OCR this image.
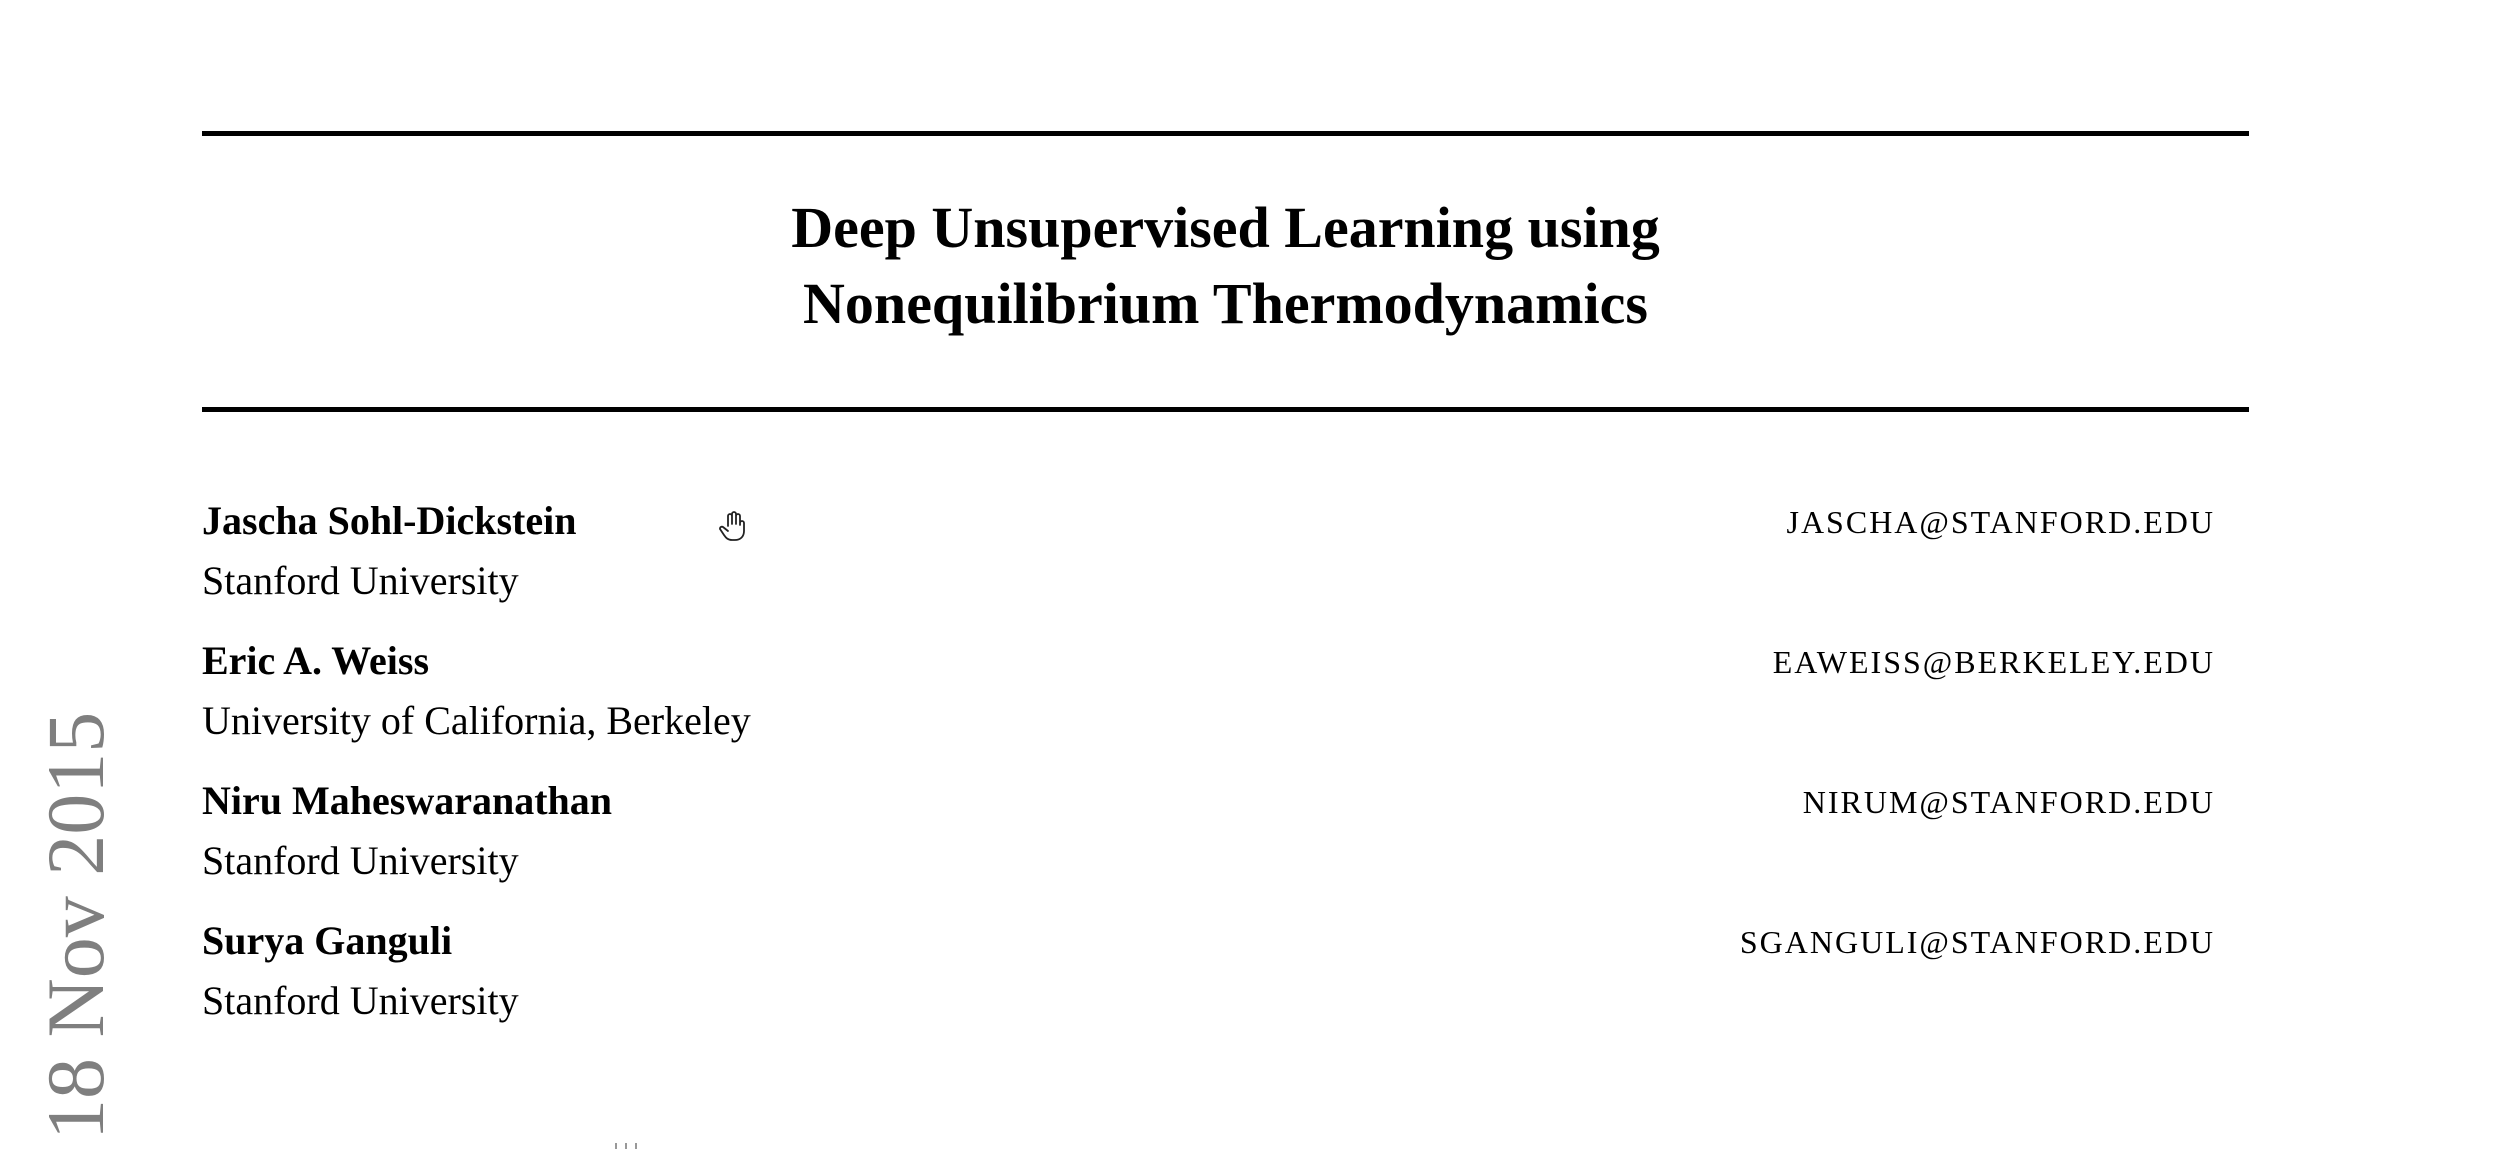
Deep Unsupervised Learning using
Nonequilibrium Thermodynamics
Jascha Sohl-Dickstein
Stanford University
JASCHA@STANFORD.EDU
Eric A. Weiss
University of California, Berkeley
EAWEISS@BERKELEY.EDU
Niru Maheswaranathan
Stanford University
NIRUM@STANFORD.EDU
Surya Ganguli
Stanford University
SGANGULI@STANFORD.EDU
18 Nov 2015
